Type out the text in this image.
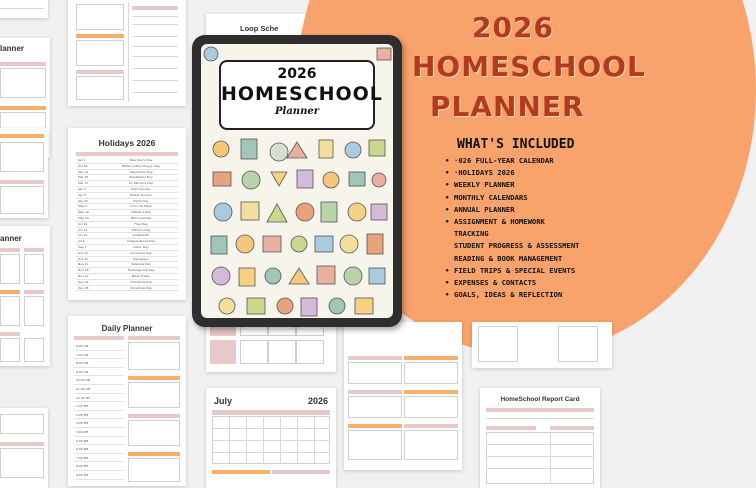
lanner
anner
Holidays 2026
Jan 1	New Year's Day
Jan 19	Martin Luther King Jr. Day
Feb 14	Valentine's Day
Feb 16	Presidents' Day
Mar 17	St. Patrick's Day
Apr 5	Palm Sunday
Apr 5	Easter Sunday
Apr 22	Earth Day
May 5	Cinco de Mayo
May 10	Mother's Day
May 25	Memorial Day
Jun 14	Flag Day
Jun 21	Father's Day
Jun 19	Juneteenth
Jul 4	Independence Day
Sep 7	Labor Day
Oct 12	Columbus Day
Oct 31	Halloween
Nov 11	Veterans Day
Nov 26	Thanksgiving Day
Nov 27	Black Friday
Dec 24	Christmas Eve
Dec 25	Christmas Day
Daily Planner
6:00 AM
7:00 AM
8:00 AM
9:00 AM
10:00 AM
11:00 AM
12:00 PM
1:00 PM
2:00 PM
3:00 PM
4:00 PM
5:00 PM
6:00 PM
7:00 PM
8:00 PM
9:00 PM
Loop Sche
July	2026	HomeSchool Report Card
2026
HOMESCHOOL
PLANNER
WHAT'S INCLUDED
• ·026 FULL-YEAR CALENDAR
• ·HOLIDAYS 2026
• WEEKLY PLANNER
• MONTHLY CALENDARS
• ANNUAL PLANNER
• ASSIGNMENT & HOMEWORK
TRACKING
STUDENT PROGRESS & ASSESSMENT
READING & BOOK MANAGEMENT
• FIELD TRIPS & SPECIAL EVENTS
• EXPENSES & CONTACTS
• GOALS, IDEAS & REFLECTION
2026
HOMESCHOOL
Planner
